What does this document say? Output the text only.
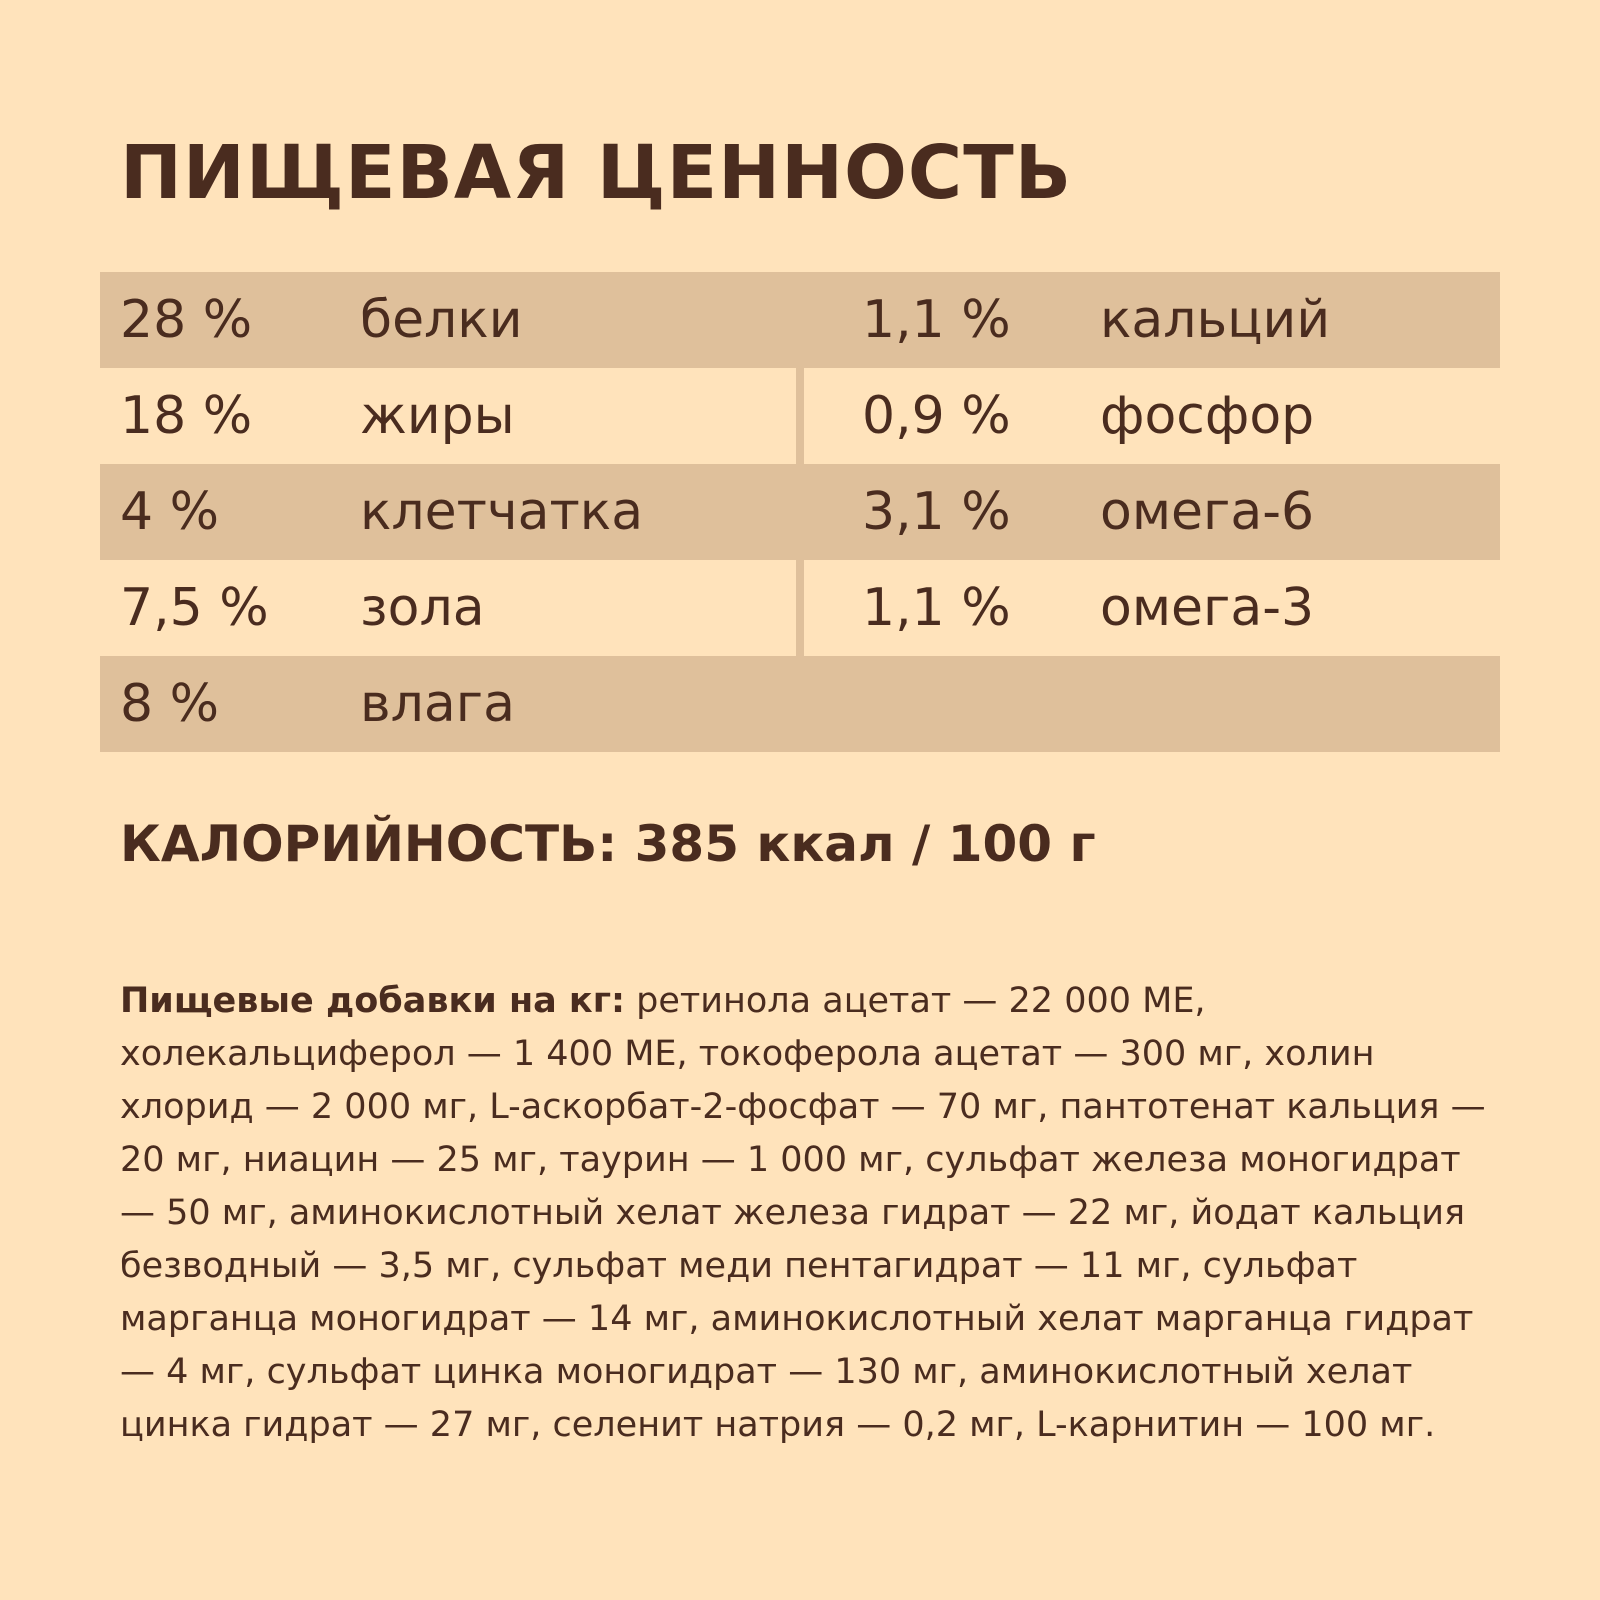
ПИЩЕВАЯ ЦЕННОСТЬ
28 % белки	1,1 % кальций
18 % жиры	0,9 % фосфор
4 %	клетчатка	3,1 % омега-6
7,5 % зола	1,1 % омега-3
8 %	влага

КАЛОРИЙНОСТЬ: 385 ккал / 100 г

Пищевые добавки на кг: ретинола ацетат — 22 000 МЕ, холекальциферол — 1 400 МЕ, токоферола ацетат — 300 мг, холин хлорид — 2 000 мг, L-аскорбат-2-фосфат — 70 мг, пантотенат кальция — 20 мг, ниацин — 25 мг, таурин — 1 000 мг, сульфат железа моногидрат — 50 мг, аминокислотный хелат железа гидрат — 22 мг, йодат кальция безводный — 3,5 мг, сульфат меди пентагидрат — 11 мг, сульфат марганца моногидрат — 14 мг, аминокислотный хелат марганца гидрат — 4 мг, сульфат цинка моногидрат — 130 мг, аминокислотный хелат цинка гидрат — 27 мг, селенит натрия — 0,2 мг, L-карнитин — 100 мг.
